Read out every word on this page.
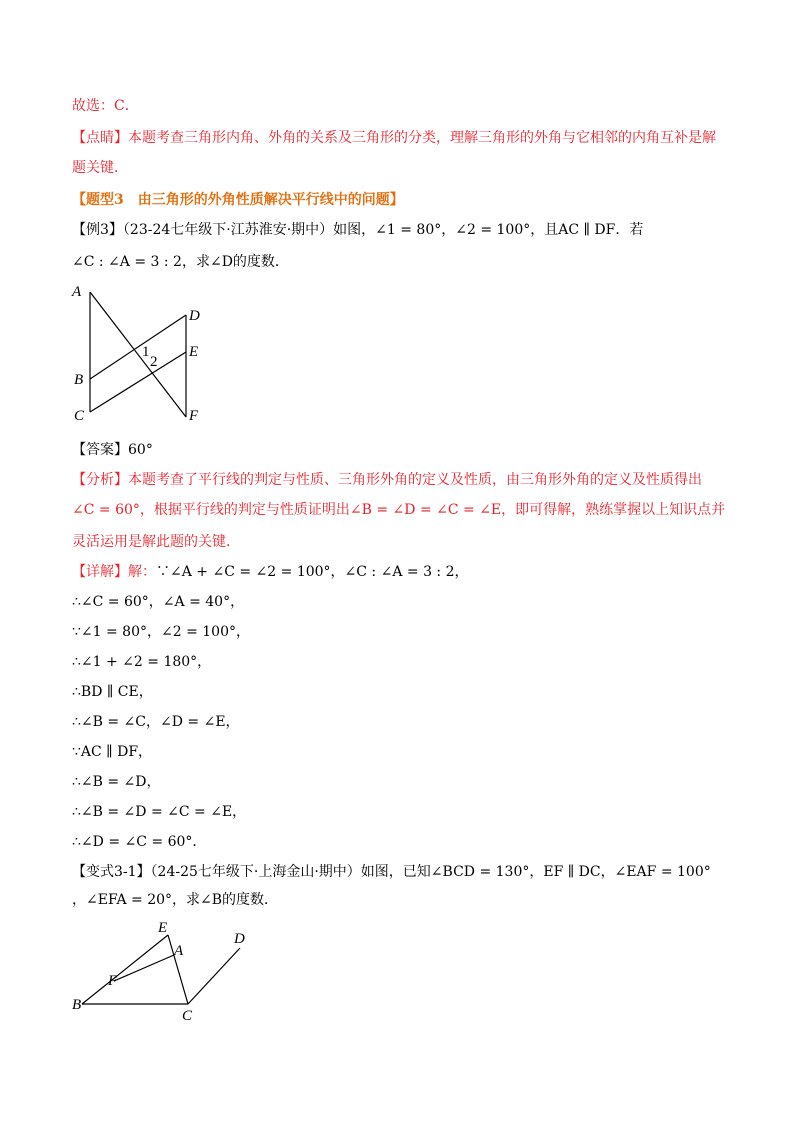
故选：C．
【点睛】本题考查三角形内角、外角的关系及三角形的分类，理解三角形的外角与它相邻的内角互补是解
题关键．
【题型3　由三角形的外角性质解决平行线中的问题】
【例3】（23-24七年级下·江苏淮安·期中）如图，∠1 = 80°，∠2 = 100°，且AC ∥ DF．若
∠C : ∠A = 3 : 2，求∠D的度数．
A
B
C
D
E
F
1
2
【答案】60°
【分析】本题考查了平行线的判定与性质、三角形外角的定义及性质，由三角形外角的定义及性质得出
∠C = 60°，根据平行线的判定与性质证明出∠B = ∠D = ∠C = ∠E，即可得解，熟练掌握以上知识点并
灵活运用是解此题的关键．
【详解】解：∵∠A + ∠C = ∠2 = 100°，∠C : ∠A = 3 : 2，
∴∠C = 60°，∠A = 40°，
∵∠1 = 80°，∠2 = 100°，
∴∠1 + ∠2 = 180°，
∴BD ∥ CE，
∴∠B = ∠C，∠D = ∠E，
∵AC ∥ DF，
∴∠B = ∠D，
∴∠B = ∠D = ∠C = ∠E，
∴∠D = ∠C = 60°．
【变式3-1】（24-25七年级下·上海金山·期中）如图，已知∠BCD = 130°，EF ∥ DC，∠EAF = 100°
，∠EFA = 20°，求∠B的度数．
E
A
D
F
B
C
